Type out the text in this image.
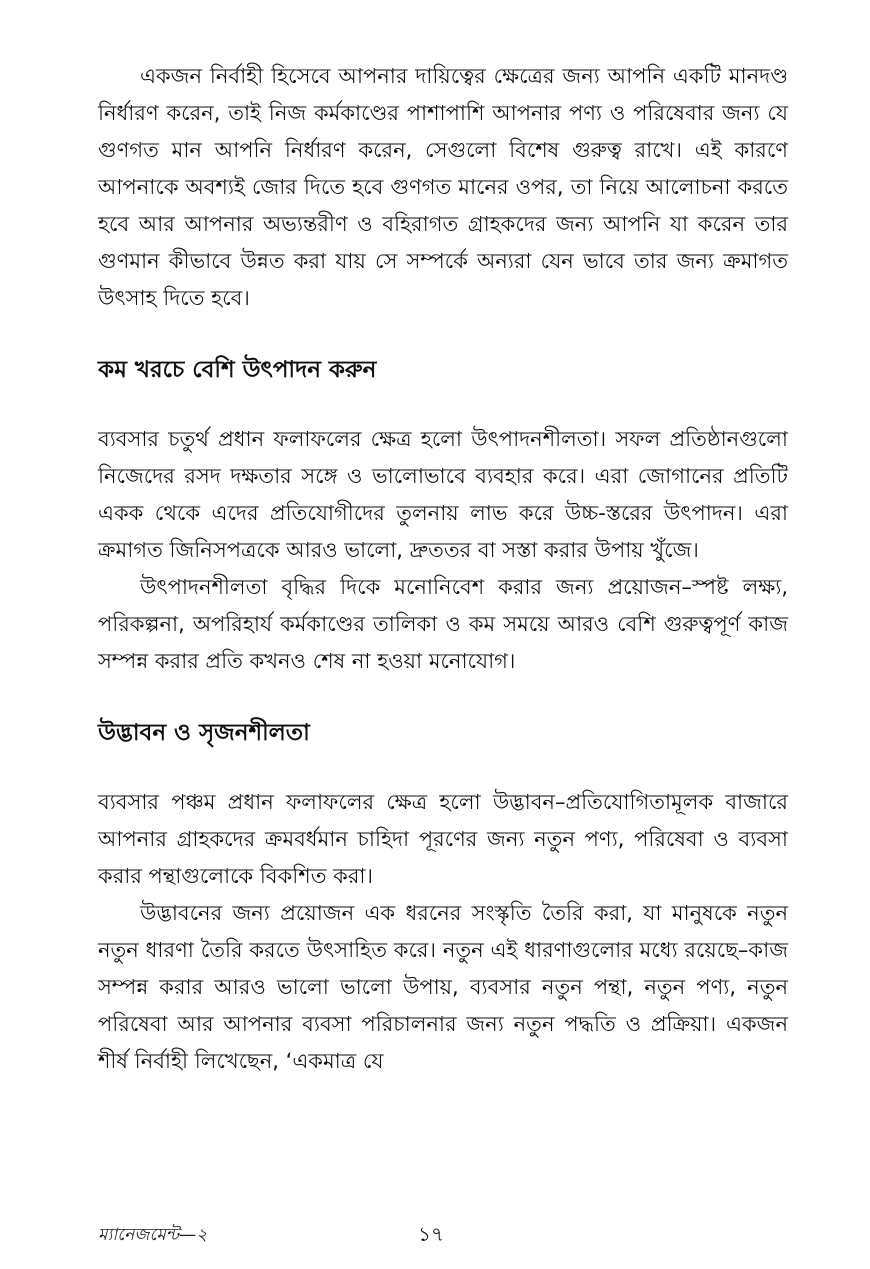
একজন নির্বাহী হিসেবে আপনার দায়িত্বের ক্ষেত্রের জন্য আপনি একটি মানদণ্ড নির্ধারণ করেন, তাই নিজ কর্মকাণ্ডের পাশাপাশি আপনার পণ্য ও পরিষেবার জন্য যে গুণগত মান আপনি নির্ধারণ করেন, সেগুলো বিশেষ গুরুত্ব রাখে। এই কারণে আপনাকে অবশ্যই জোর দিতে হবে গুণগত মানের ওপর, তা নিয়ে আলোচনা করতে হবে আর আপনার অভ্যন্তরীণ ও বহিরাগত গ্রাহকদের জন্য আপনি যা করেন তার গুণমান কীভাবে উন্নত করা যায় সে সম্পর্কে অন্যরা যেন ভাবে তার জন্য ক্রমাগত উৎসাহ দিতে হবে।

কম খরচে বেশি উৎপাদন করুন

ব্যবসার চতুর্থ প্রধান ফলাফলের ক্ষেত্র হলো উৎপাদনশীলতা। সফল প্রতিষ্ঠানগুলো নিজেদের রসদ দক্ষতার সঙ্গে ও ভালোভাবে ব্যবহার করে। এরা জোগানের প্রতিটি একক থেকে এদের প্রতিযোগীদের তুলনায় লাভ করে উচ্চ-স্তরের উৎপাদন। এরা ক্রমাগত জিনিসপত্রকে আরও ভালো, দ্রুততর বা সস্তা করার উপায় খুঁজে।

উৎপাদনশীলতা বৃদ্ধির দিকে মনোনিবেশ করার জন্য প্রয়োজন–স্পষ্ট লক্ষ্য, পরিকল্পনা, অপরিহার্য কর্মকাণ্ডের তালিকা ও কম সময়ে আরও বেশি গুরুত্বপূর্ণ কাজ সম্পন্ন করার প্রতি কখনও শেষ না হওয়া মনোযোগ।

উদ্ভাবন ও সৃজনশীলতা

ব্যবসার পঞ্চম প্রধান ফলাফলের ক্ষেত্র হলো উদ্ভাবন–প্রতিযোগিতামূলক বাজারে আপনার গ্রাহকদের ক্রমবর্ধমান চাহিদা পূরণের জন্য নতুন পণ্য, পরিষেবা ও ব্যবসা করার পন্থাগুলোকে বিকশিত করা।

উদ্ভাবনের জন্য প্রয়োজন এক ধরনের সংস্কৃতি তৈরি করা, যা মানুষকে নতুন নতুন ধারণা তৈরি করতে উৎসাহিত করে। নতুন এই ধারণাগুলোর মধ্যে রয়েছে–কাজ সম্পন্ন করার আরও ভালো ভালো উপায়, ব্যবসার নতুন পন্থা, নতুন পণ্য, নতুন পরিষেবা আর আপনার ব্যবসা পরিচালনার জন্য নতুন পদ্ধতি ও প্রক্রিয়া। একজন শীর্ষ নির্বাহী লিখেছেন, ‘একমাত্র যে

ম্যানেজমেন্ট—২	১৭
